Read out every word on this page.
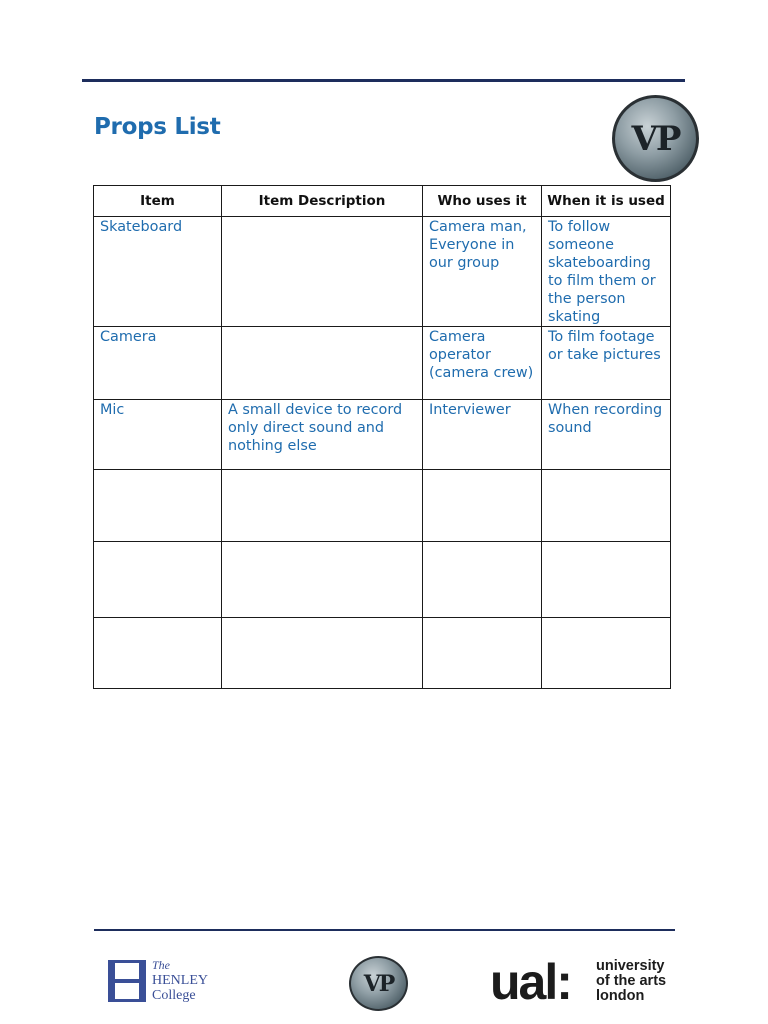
Props List	VP
Item	Item Description	Who uses it	When it is used
Skateboard		Camera man, Everyone in our group	To follow someone skateboarding to film them or the person skating
Camera		Camera operator (camera crew)	To film footage or take pictures
Mic	A small device to record only direct sound and nothing else	Interviewer	When recording sound

The
HENLEY
College	VP ual: university
of the arts
london
